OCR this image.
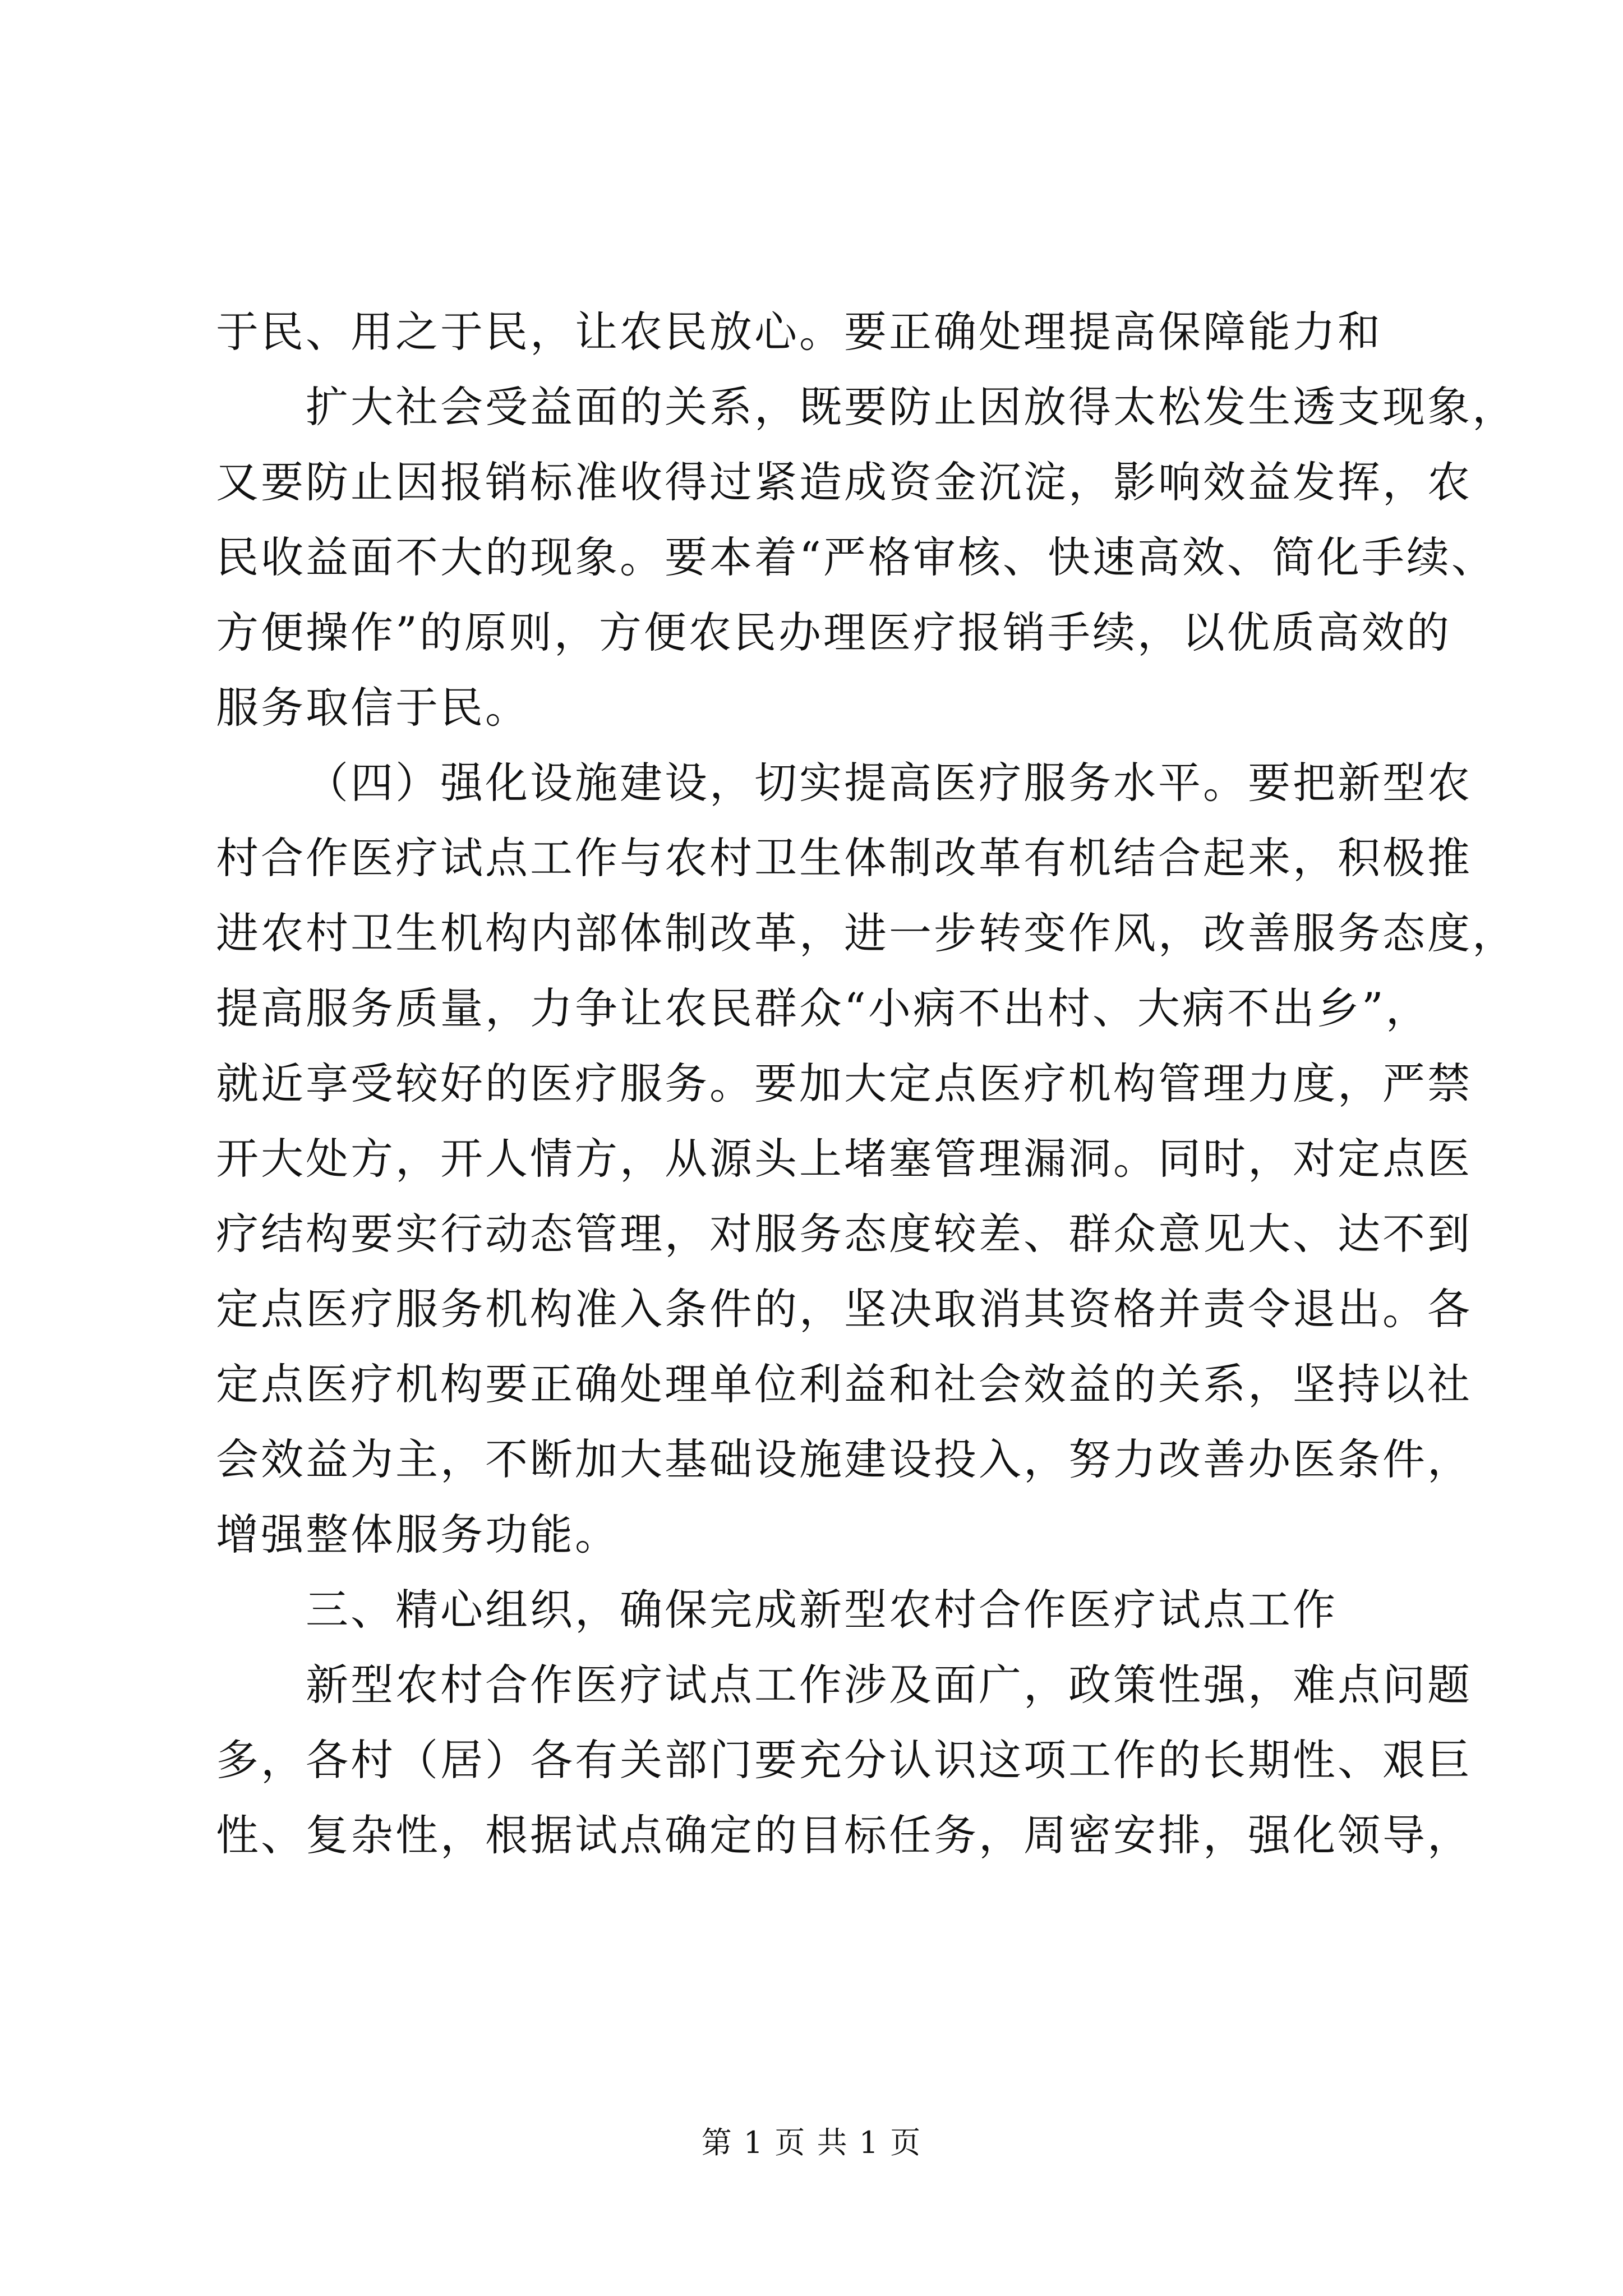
于民、用之于民，让农民放心。要正确处理提高保障能力和
扩大社会受益面的关系，既要防止因放得太松发生透支现象，
又要防止因报销标准收得过紧造成资金沉淀，影响效益发挥，农
民收益面不大的现象。要本着“严格审核、快速高效、简化手续、
方便操作”的原则，方便农民办理医疗报销手续，以优质高效的
服务取信于民。
（四）强化设施建设，切实提高医疗服务水平。要把新型农
村合作医疗试点工作与农村卫生体制改革有机结合起来，积极推
进农村卫生机构内部体制改革，进一步转变作风，改善服务态度，
提高服务质量，力争让农民群众“小病不出村、大病不出乡”，
就近享受较好的医疗服务。要加大定点医疗机构管理力度，严禁
开大处方，开人情方，从源头上堵塞管理漏洞。同时，对定点医
疗结构要实行动态管理，对服务态度较差、群众意见大、达不到
定点医疗服务机构准入条件的，坚决取消其资格并责令退出。各
定点医疗机构要正确处理单位利益和社会效益的关系，坚持以社
会效益为主，不断加大基础设施建设投入，努力改善办医条件，
增强整体服务功能。
三、精心组织，确保完成新型农村合作医疗试点工作
新型农村合作医疗试点工作涉及面广，政策性强，难点问题
多，各村（居）各有关部门要充分认识这项工作的长期性、艰巨
性、复杂性，根据试点确定的目标任务，周密安排，强化领导，
第 1 页 共 1 页
